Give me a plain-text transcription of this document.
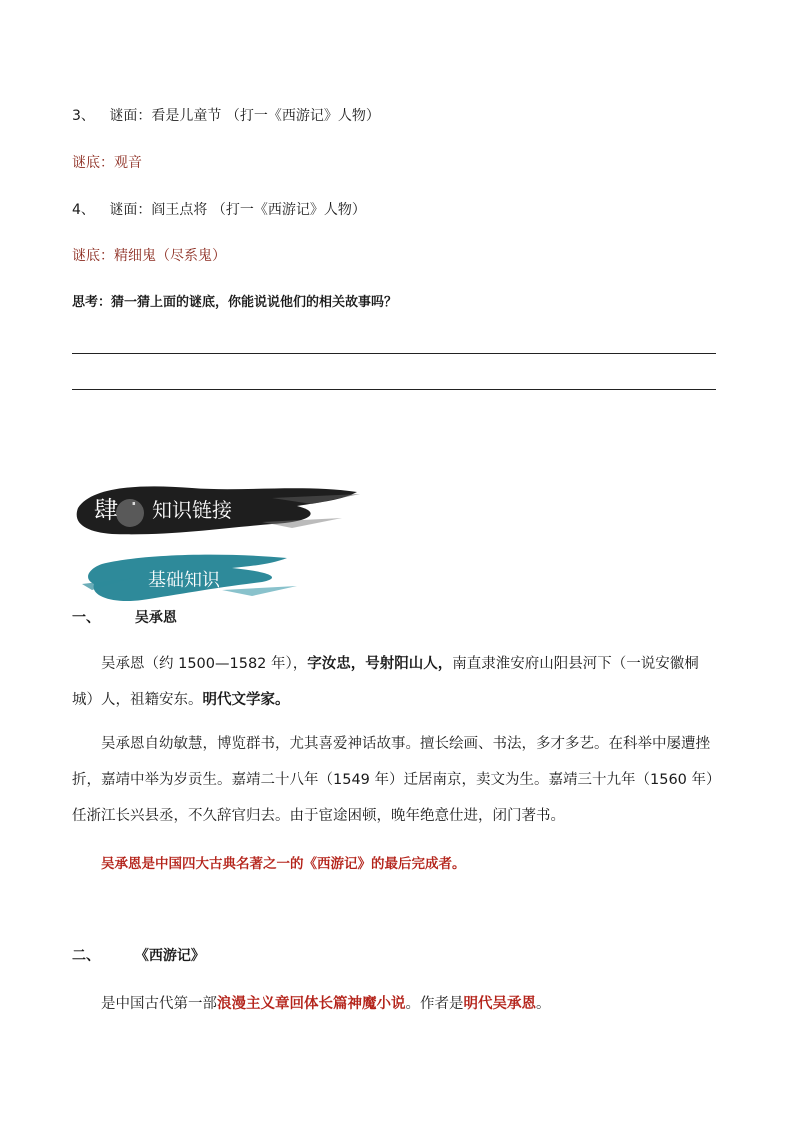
3、 谜面：看是儿童节 （打一《西游记》人物）
谜底：观音
4、 谜面：阎王点将 （打一《西游记》人物）
谜底：精细鬼（尽系鬼）
思考：猜一猜上面的谜底，你能说说他们的相关故事吗？
肆 · 知识链接
基础知识
一、 吴承恩
吴承恩（约 1500—1582 年），字汝忠，号射阳山人，南直隶淮安府山阳县河下（一说安徽桐城）人，祖籍安东。明代文学家。
吴承恩自幼敏慧，博览群书，尤其喜爱神话故事。擅长绘画、书法，多才多艺。在科举中屡遭挫折，嘉靖中举为岁贡生。嘉靖二十八年（1549 年）迁居南京，卖文为生。嘉靖三十九年（1560 年）任浙江长兴县丞，不久辞官归去。由于宦途困顿，晚年绝意仕进，闭门著书。
吴承恩是中国四大古典名著之一的《西游记》的最后完成者。
二、 《西游记》
是中国古代第一部浪漫主义章回体长篇神魔小说。作者是明代吴承恩。
